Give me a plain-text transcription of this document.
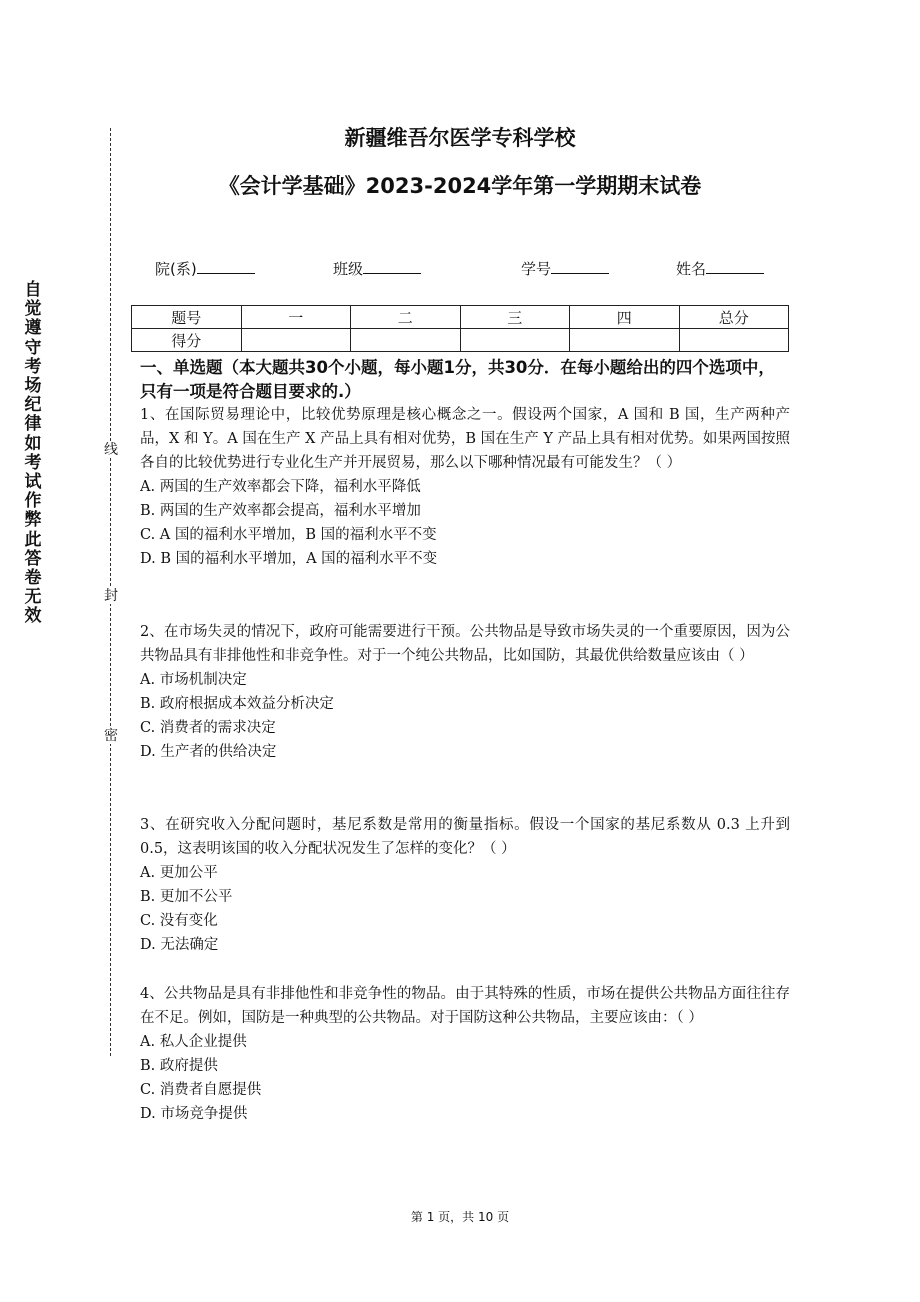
自觉遵守考场纪律如考试作弊此答卷无效
线
封
密
新疆维吾尔医学专科学校
《会计学基础》2023-2024学年第一学期期末试卷
院(系)	班级	学号	姓名
题号	一	二	三	四	总分
得分					
一、单选题（本大题共30个小题，每小题1分，共30分．在每小题给出的四个选项中，只有一项是符合题目要求的.）

1、在国际贸易理论中，比较优势原理是核心概念之一。假设两个国家，A 国和 B 国，生产两种产品，X 和 Y。A 国在生产 X 产品上具有相对优势，B 国在生产 Y 产品上具有相对优势。如果两国按照各自的比较优势进行专业化生产并开展贸易，那么以下哪种情况最有可能发生？（ ）

A. 两国的生产效率都会下降，福利水平降低

B. 两国的生产效率都会提高，福利水平增加

C. A 国的福利水平增加，B 国的福利水平不变

D. B 国的福利水平增加，A 国的福利水平不变

2、在市场失灵的情况下，政府可能需要进行干预。公共物品是导致市场失灵的一个重要原因，因为公共物品具有非排他性和非竞争性。对于一个纯公共物品，比如国防，其最优供给数量应该由（ ）

A. 市场机制决定

B. 政府根据成本效益分析决定

C. 消费者的需求决定

D. 生产者的供给决定

3、在研究收入分配问题时，基尼系数是常用的衡量指标。假设一个国家的基尼系数从 0.3 上升到 0.5，这表明该国的收入分配状况发生了怎样的变化？（ ）

A. 更加公平

B. 更加不公平

C. 没有变化

D. 无法确定

4、公共物品是具有非排他性和非竞争性的物品。由于其特殊的性质，市场在提供公共物品方面往往存在不足。例如，国防是一种典型的公共物品。对于国防这种公共物品，主要应该由：（ ）

A. 私人企业提供

B. 政府提供

C. 消费者自愿提供

D. 市场竞争提供

第 1 页，共 10 页
